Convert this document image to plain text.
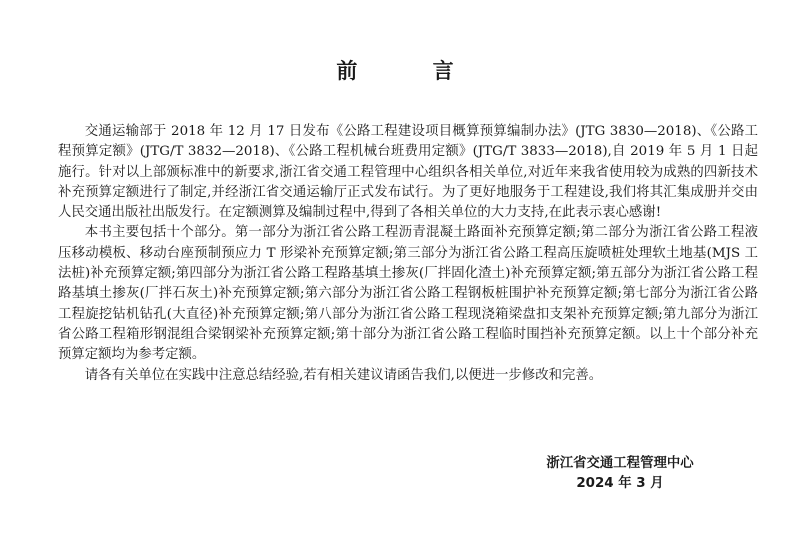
前 言

交通运输部于 2018 年 12 月 17 日发布《公路工程建设项目概算预算编制办法》(JTG 3830—2018)、《公路工程预算定额》(JTG/T 3832—2018)、《公路工程机械台班费用定额》(JTG/T 3833—2018),自 2019 年 5 月 1 日起施行。针对以上部颁标准中的新要求,浙江省交通工程管理中心组织各相关单位,对近年来我省使用较为成熟的四新技术补充预算定额进行了制定,并经浙江省交通运输厅正式发布试行。为了更好地服务于工程建设,我们将其汇集成册并交由人民交通出版社出版发行。在定额测算及编制过程中,得到了各相关单位的大力支持,在此表示衷心感谢!

本书主要包括十个部分。第一部分为浙江省公路工程沥青混凝土路面补充预算定额;第二部分为浙江省公路工程液压移动模板、移动台座预制预应力 T 形梁补充预算定额;第三部分为浙江省公路工程高压旋喷桩处理软土地基(MJS 工法桩)补充预算定额;第四部分为浙江省公路工程路基填土掺灰(厂拌固化渣土)补充预算定额;第五部分为浙江省公路工程路基填土掺灰(厂拌石灰土)补充预算定额;第六部分为浙江省公路工程钢板桩围护补充预算定额;第七部分为浙江省公路工程旋挖钻机钻孔(大直径)补充预算定额;第八部分为浙江省公路工程现浇箱梁盘扣支架补充预算定额;第九部分为浙江省公路工程箱形钢混组合梁钢梁补充预算定额;第十部分为浙江省公路工程临时围挡补充预算定额。以上十个部分补充预算定额均为参考定额。

请各有关单位在实践中注意总结经验,若有相关建议请函告我们,以便进一步修改和完善。

浙江省交通工程管理中心
2024 年 3 月
